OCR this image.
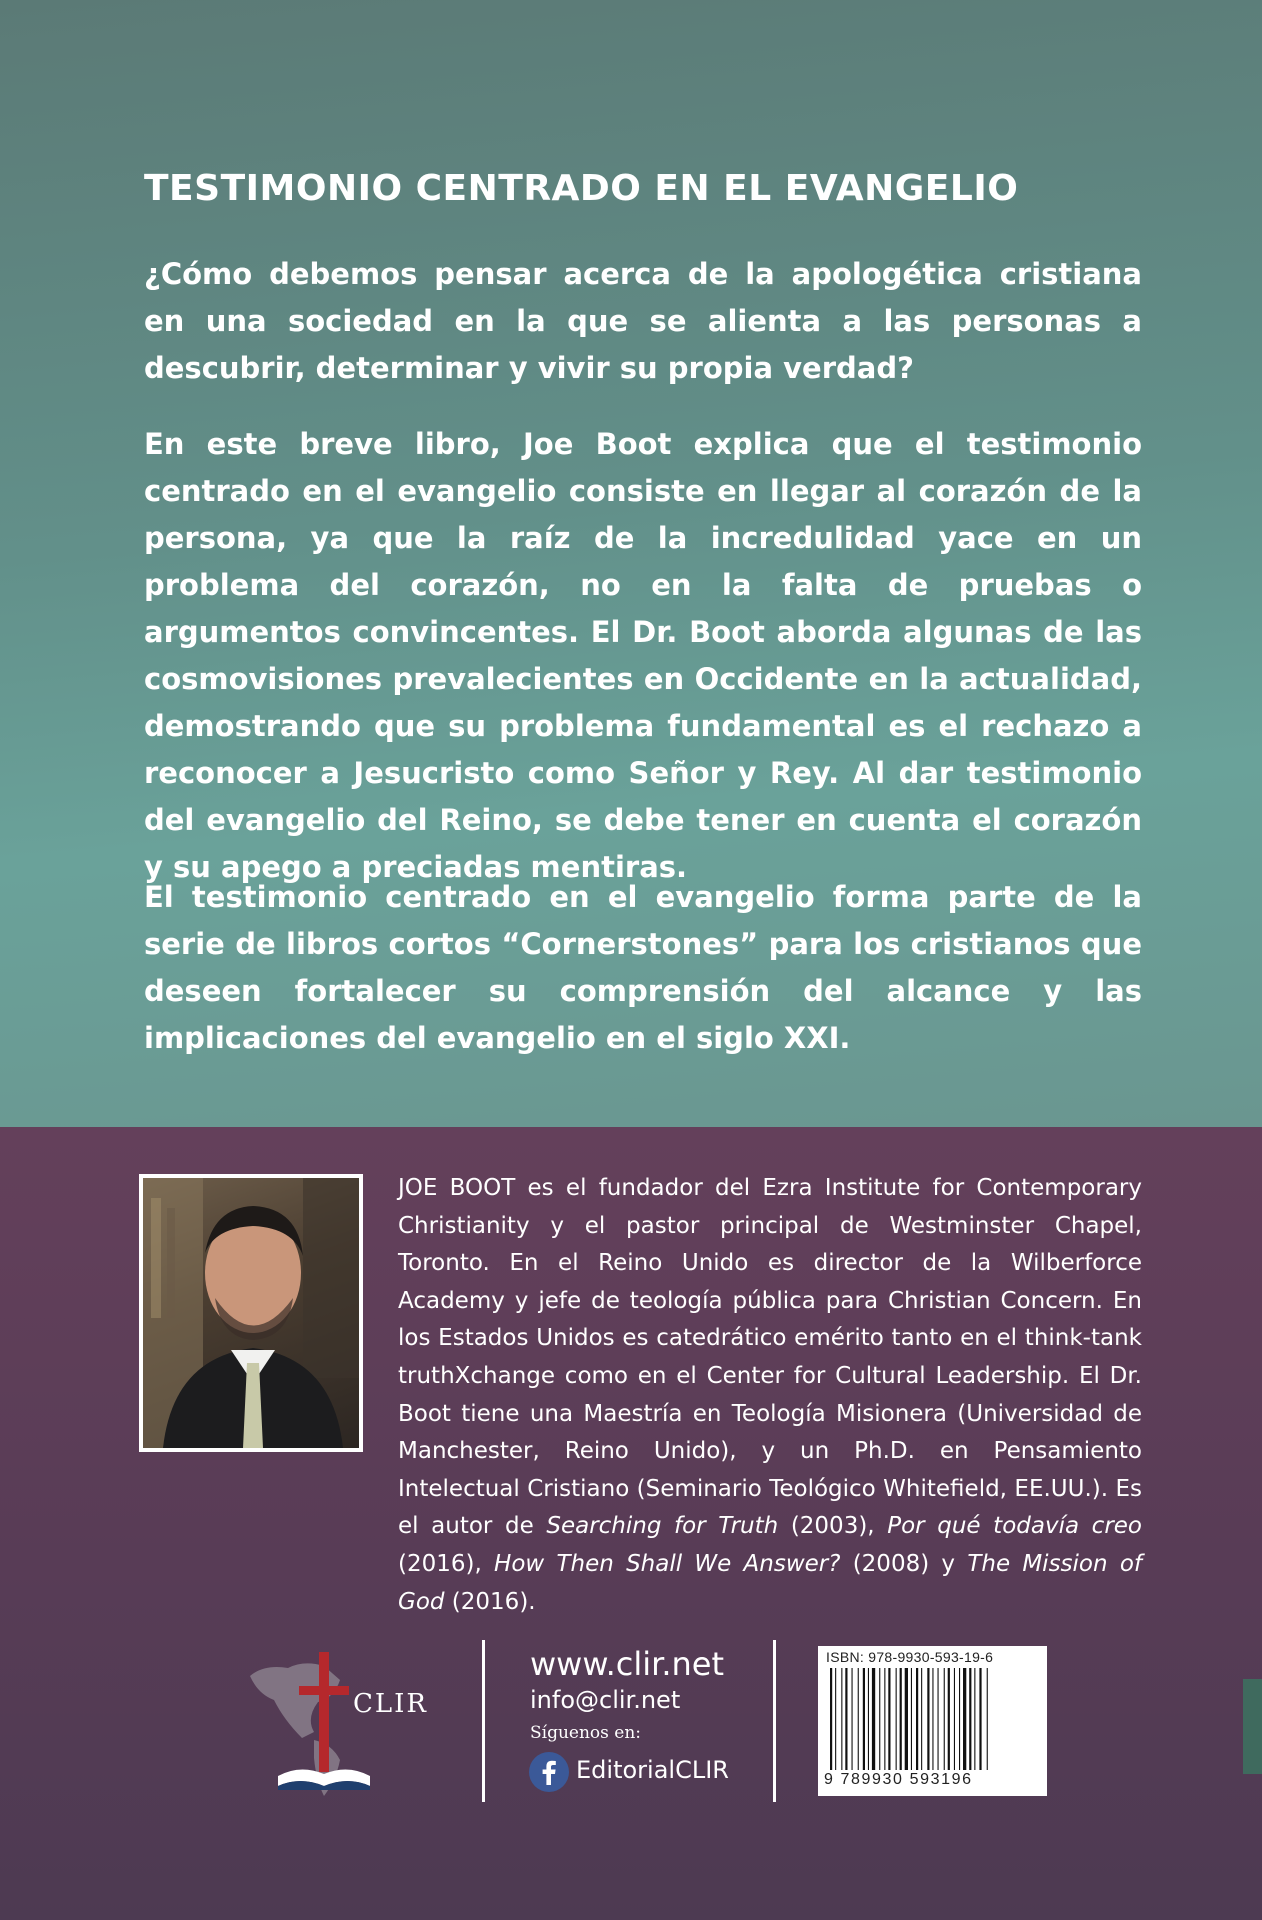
TESTIMONIO CENTRADO EN EL EVANGELIO

¿Cómo debemos pensar acerca de la apologética cristiana en una sociedad en la que se alienta a las personas a descubrir, determinar y vivir su propia verdad?

En este breve libro, Joe Boot explica que el testimonio centrado en el evangelio consiste en llegar al corazón de la persona, ya que la raíz de la incredulidad yace en un problema del corazón, no en la falta de pruebas o argumentos convincentes. El Dr. Boot aborda algunas de las cosmovisiones prevalecientes en Occidente en la actualidad, demostrando que su problema fundamental es el rechazo a reconocer a Jesucristo como Señor y Rey. Al dar testimonio del evangelio del Reino, se debe tener en cuenta el corazón y su apego a preciadas mentiras.

El testimonio centrado en el evangelio forma parte de la serie de libros cortos “Cornerstones” para los cristianos que deseen fortalecer su comprensión del alcance y las implicaciones del evangelio en el siglo XXI.

JOE BOOT es el fundador del Ezra Institute for Contemporary Christianity y el pastor principal de Westminster Chapel, Toronto. En el Reino Unido es director de la Wilberforce Academy y jefe de teología pública para Christian Concern. En los Estados Unidos es catedrático emérito tanto en el think-tank truthXchange como en el Center for Cultural Leadership. El Dr. Boot tiene una Maestría en Teología Misionera (Universidad de Manchester, Reino Unido), y un Ph.D. en Pensamiento Intelectual Cristiano (Seminario Teológico Whitefield, EE.UU.). Es el autor de Searching for Truth (2003), Por qué todavía creo (2016), How Then Shall We Answer? (2008) y The Mission of God (2016).

CLIR
www.clir.net
info@clir.net
Síguenos en:
EditorialCLIR
ISBN: 978-9930-593-19-6
9 789930 593196
